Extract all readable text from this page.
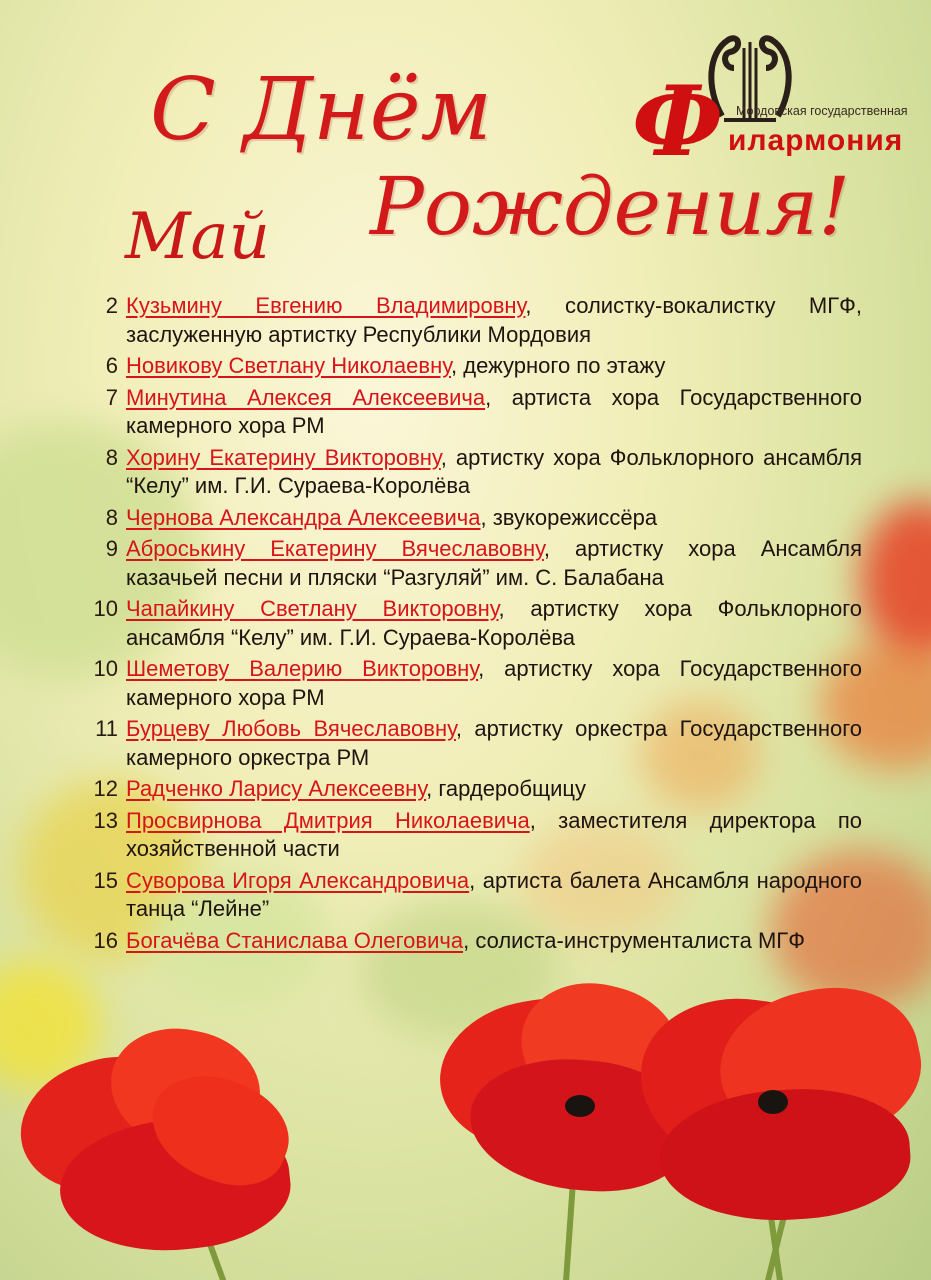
С Днём
Рождения!
Май
Ф Мордовская государственная
илармония
2 Кузьмину Евгению Владимировну, солистку-вокалистку МГФ, заслуженную артистку Республики Мордовия
6 Новикову Светлану Николаевну, дежурного по этажу
7 Минутина Алексея Алексеевича, артиста хора Государственного камерного хора РМ
8 Хорину Екатерину Викторовну, артистку хора Фольклорного ансамбля “Келу” им. Г.И. Сураева-Королёва
8 Чернова Александра Алексеевича, звукорежиссёра
9 Аброськину Екатерину Вячеславовну, артистку хора Ансамбля казачьей песни и пляски “Разгуляй” им. С. Балабана
10 Чапайкину Светлану Викторовну, артистку хора Фольклорного ансамбля “Келу” им. Г.И. Сураева-Королёва
10 Шеметову Валерию Викторовну, артистку хора Государственного камерного хора РМ
11 Бурцеву Любовь Вячеславовну, артистку оркестра Государственного камерного оркестра РМ
12 Радченко Ларису Алексеевну, гардеробщицу
13 Просвирнова Дмитрия Николаевича, заместителя директора по хозяйственной части
15 Суворова Игоря Александровича, артиста балета Ансамбля народного танца “Лейне”
16 Богачёва Станислава Олеговича, солиста-инструменталиста МГФ
